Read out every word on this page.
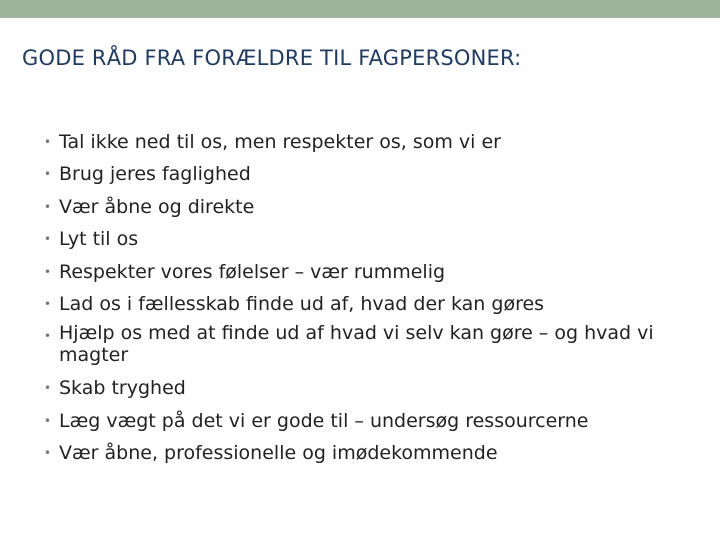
GODE RÅD FRA FORÆLDRE TIL FAGPERSONER:
• Tal ikke ned til os, men respekter os, som vi er
• Brug jeres faglighed
• Vær åbne og direkte
• Lyt til os
• Respekter vores følelser – vær rummelig
• Lad os i fællesskab finde ud af, hvad der kan gøres
• Hjælp os med at finde ud af hvad vi selv kan gøre – og hvad vi magter
• Skab tryghed
• Læg vægt på det vi er gode til – undersøg ressourcerne
• Vær åbne, professionelle og imødekommende
